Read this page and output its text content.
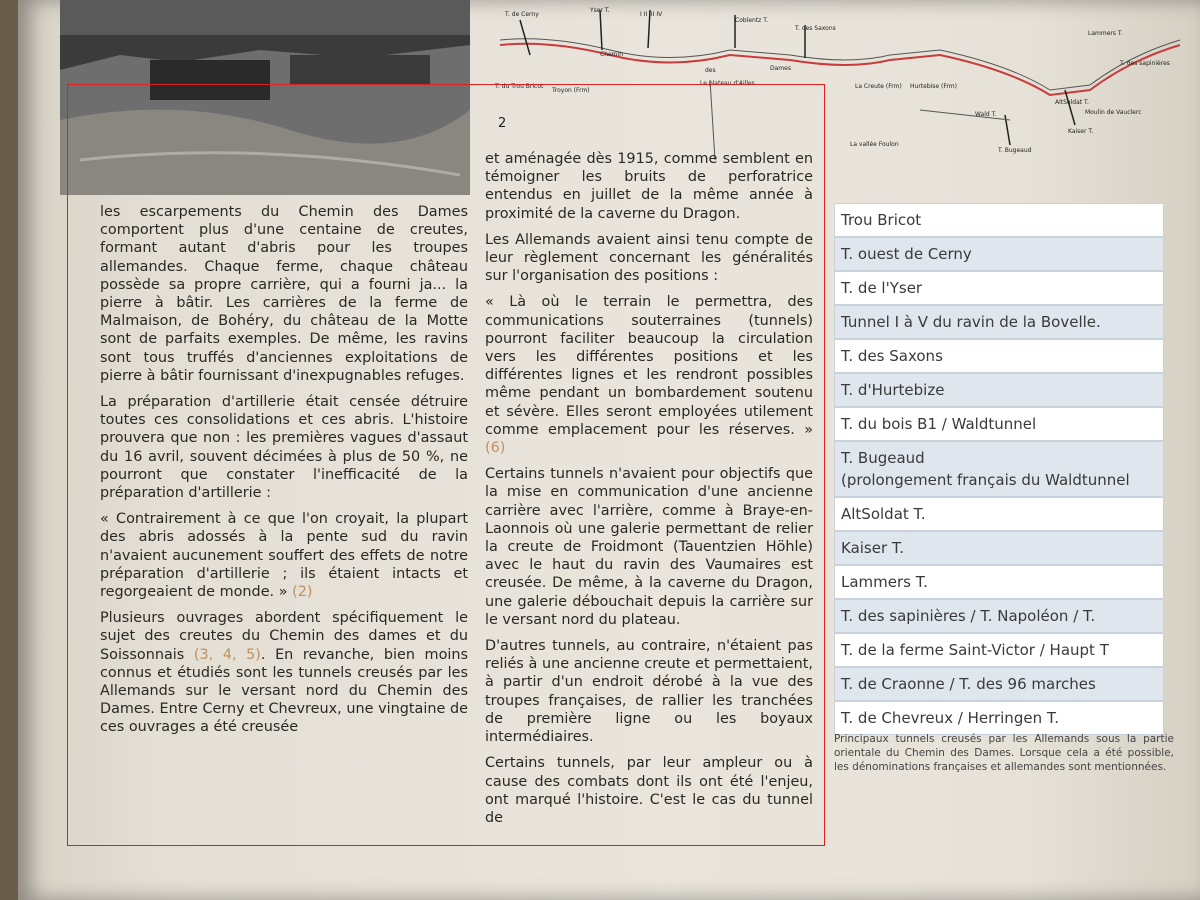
2
T. de Cerny
Yser T.
I II III IV
Coblentz T.
T. des Saxons
Chemin
des	Dames
Lammers T.
T. des sapinières
T. du Trou Bricot
Troyon (Frm)
Le plateau d'Ailles	La Creute (Frm) Hurtebise (Frm)
AltSoldat T.
Moulin de Vauclerc
Wald T.
Kaiser T.
La vallée Foulon
T. Bugeaud

les escarpements du Chemin des Dames comportent plus d'une centaine de creutes, formant autant d'abris pour les troupes allemandes. Chaque ferme, chaque château possède sa propre carrière, qui a fourni ja... la pierre à bâtir. Les carrières de la ferme de Malmaison, de Bohéry, du château de la Motte sont de parfaits exemples. De même, les ravins sont tous truffés d'anciennes exploitations de pierre à bâtir fournissant d'inexpugnables refuges.

La préparation d'artillerie était censée détruire toutes ces consolidations et ces abris. L'histoire prouvera que non : les premières vagues d'assaut du 16 avril, souvent décimées à plus de 50 %, ne pourront que constater l'inefficacité de la préparation d'artillerie :

« Contrairement à ce que l'on croyait, la plupart des abris adossés à la pente sud du ravin n'avaient aucunement souffert des effets de notre préparation d'artillerie ; ils étaient intacts et regorgeaient de monde. » (2)

Plusieurs ouvrages abordent spécifiquement le sujet des creutes du Chemin des dames et du Soissonnais (3, 4, 5). En revanche, bien moins connus et étudiés sont les tunnels creusés par les Allemands sur le versant nord du Chemin des Dames. Entre Cerny et Chevreux, une vingtaine de ces ouvrages a été creusée

et aménagée dès 1915, comme semblent en témoigner les bruits de perforatrice entendus en juillet de la même année à proximité de la caverne du Dragon.

Les Allemands avaient ainsi tenu compte de leur règlement concernant les généralités sur l'organisation des positions :

« Là où le terrain le permettra, des communications souterraines (tunnels) pourront faciliter beaucoup la circulation vers les différentes positions et les différentes lignes et les rendront possibles même pendant un bombardement soutenu et sévère. Elles seront employées utilement comme emplacement pour les réserves. » (6)

Certains tunnels n'avaient pour objectifs que la mise en communication d'une ancienne carrière avec l'arrière, comme à Braye-en-Laonnois où une galerie permettant de relier la creute de Froidmont (Tauentzien Höhle) avec le haut du ravin des Vaumaires est creusée. De même, à la caverne du Dragon, une galerie débouchait depuis la carrière sur le versant nord du plateau.

D'autres tunnels, au contraire, n'étaient pas reliés à une ancienne creute et permettaient, à partir d'un endroit dérobé à la vue des troupes françaises, de rallier les tranchées de première ligne ou les boyaux intermédiaires.

Certains tunnels, par leur ampleur ou à cause des combats dont ils ont été l'enjeu, ont marqué l'histoire. C'est le cas du tunnel de

Trou Bricot
T. ouest de Cerny
T. de l'Yser
Tunnel I à V du ravin de la Bovelle.
T. des Saxons
T. d'Hurtebize
T. du bois B1 / Waldtunnel
T. Bugeaud
(prolongement français du Waldtunnel
AltSoldat T.
Kaiser T.
Lammers T.
T. des sapinières / T. Napoléon / T.
T. de la ferme Saint-Victor / Haupt T
T. de Craonne / T. des 96 marches
T. de Chevreux / Herringen T.
Principaux tunnels creusés par les Allemands sous la partie orientale du Chemin des Dames. Lorsque cela a été possible, les dénominations françaises et allemandes sont mentionnées.
